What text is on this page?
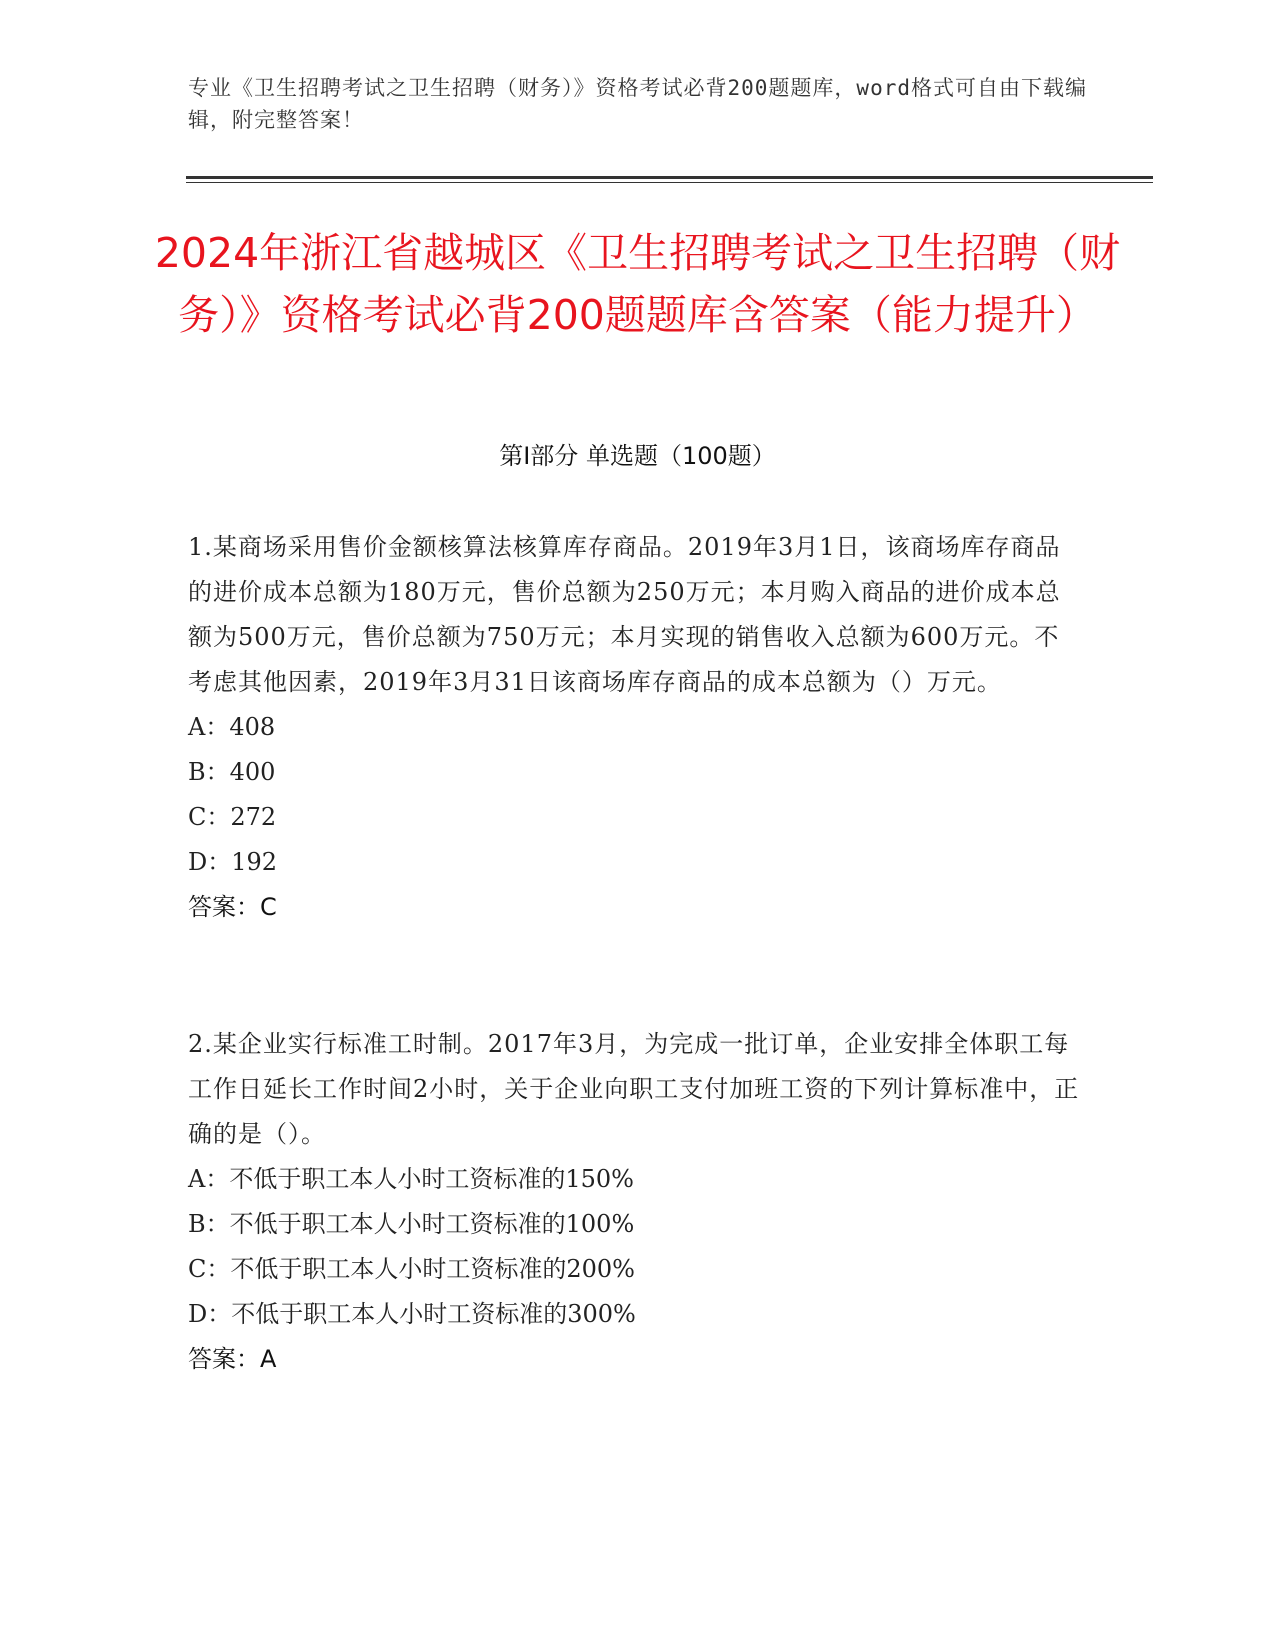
专业《卫生招聘考试之卫生招聘（财务）》资格考试必背200题题库，word格式可自由下载编辑，附完整答案！
2024年浙江省越城区《卫生招聘考试之卫生招聘（财务）》资格考试必背200题题库含答案（能力提升）
第I部分 单选题（100题）

1.某商场采用售价金额核算法核算库存商品。2019年3月1日，该商场库存商品的进价成本总额为180万元，售价总额为250万元；本月购入商品的进价成本总额为500万元，售价总额为750万元；本月实现的销售收入总额为600万元。不考虑其他因素，2019年3月31日该商场库存商品的成本总额为（）万元。

A：408

B：400

C：272

D：192

答案：C

2.某企业实行标准工时制。2017年3月，为完成一批订单，企业安排全体职工每工作日延长工作时间2小时，关于企业向职工支付加班工资的下列计算标准中，正确的是（）。

A：不低于职工本人小时工资标准的150%

B：不低于职工本人小时工资标准的100%

C：不低于职工本人小时工资标准的200%

D：不低于职工本人小时工资标准的300%

答案：A
